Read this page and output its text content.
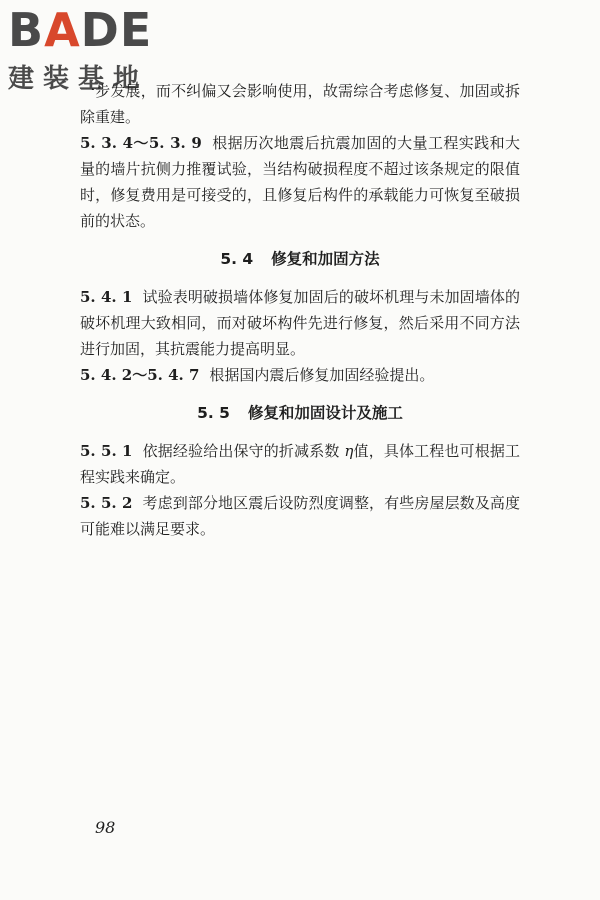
BADE
建装基地

一步发展，而不纠偏又会影响使用，故需综合考虑修复、加固或拆除重建。

5. 3. 4～5. 3. 9 根据历次地震后抗震加固的大量工程实践和大量的墙片抗侧力推覆试验，当结构破损程度不超过该条规定的限值时，修复费用是可接受的，且修复后构件的承载能力可恢复至破损前的状态。

5. 4 修复和加固方法

5. 4. 1 试验表明破损墙体修复加固后的破坏机理与未加固墙体的破坏机理大致相同，而对破坏构件先进行修复，然后采用不同方法进行加固，其抗震能力提高明显。

5. 4. 2～5. 4. 7 根据国内震后修复加固经验提出。

5. 5 修复和加固设计及施工

5. 5. 1 依据经验给出保守的折减系数 η值，具体工程也可根据工程实践来确定。

5. 5. 2 考虑到部分地区震后设防烈度调整，有些房屋层数及高度可能难以满足要求。

98
